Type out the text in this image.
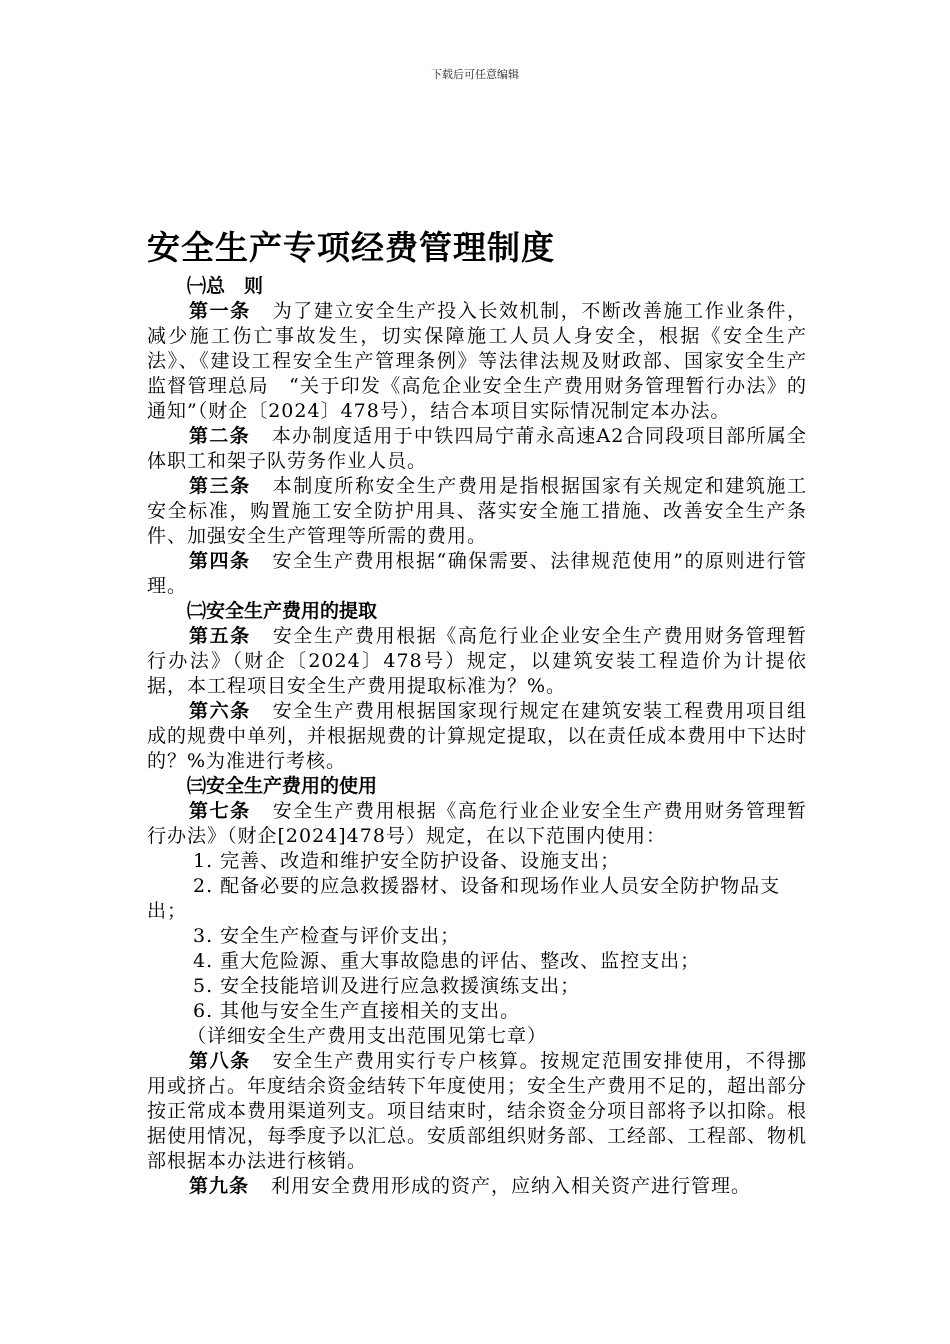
下载后可任意编辑
安全生产专项经费管理制度

㈠总　则

第一条 为了建立安全生产投入长效机制，不断改善施工作业条件，减少施工伤亡事故发生，切实保障施工人员人身安全，根据《安全生产法》、《建设工程安全生产管理条例》等法律法规及财政部、国家安全生产监督管理总局　“关于印发《高危企业安全生产费用财务管理暂行办法》的通知”（财企〔2024〕478号），结合本项目实际情况制定本办法。

第二条 本办制度适用于中铁四局宁莆永高速A2合同段项目部所属全体职工和架子队劳务作业人员。

第三条 本制度所称安全生产费用是指根据国家有关规定和建筑施工安全标准，购置施工安全防护用具、落实安全施工措施、改善安全生产条件、加强安全生产管理等所需的费用。

第四条 安全生产费用根据“确保需要、法律规范使用”的原则进行管理。

㈡安全生产费用的提取

第五条 安全生产费用根据《高危行业企业安全生产费用财务管理暂行办法》（财企〔2024〕478号）规定，以建筑安装工程造价为计提依据，本工程项目安全生产费用提取标准为？%。

第六条 安全生产费用根据国家现行规定在建筑安装工程费用项目组成的规费中单列，并根据规费的计算规定提取，以在责任成本费用中下达时的？%为准进行考核。

㈢安全生产费用的使用

第七条 安全生产费用根据《高危行业企业安全生产费用财务管理暂行办法》（财企[2024]478号）规定，在以下范围内使用：

1. 完善、改造和维护安全防护设备、设施支出；

2. 配备必要的应急救援器材、设备和现场作业人员安全防护物品支出；

3. 安全生产检查与评价支出；

4. 重大危险源、重大事故隐患的评估、整改、监控支出；

5. 安全技能培训及进行应急救援演练支出；

6. 其他与安全生产直接相关的支出。

（详细安全生产费用支出范围见第七章）

第八条 安全生产费用实行专户核算。按规定范围安排使用，不得挪用或挤占。年度结余资金结转下年度使用；安全生产费用不足的，超出部分按正常成本费用渠道列支。项目结束时，结余资金分项目部将予以扣除。根据使用情况，每季度予以汇总。安质部组织财务部、工经部、工程部、物机部根据本办法进行核销。

第九条 利用安全费用形成的资产，应纳入相关资产进行管理。
